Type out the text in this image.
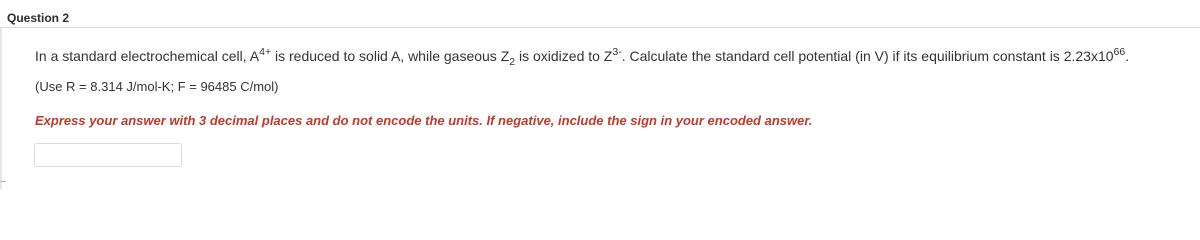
Question 2
In a standard electrochemical cell, $A^{4+}$ is reduced to solid A, while gaseous $Z_2$ is oxidized to $Z^{3-}$. Calculate the standard cell potential (in V) if its equilibrium constant is $2.23x10^{66}$.
(Use R = 8.314 J/mol-K; F = 96485 C/mol)
Express your answer with 3 decimal places and do not encode the units. If negative, include the sign in your encoded answer.
